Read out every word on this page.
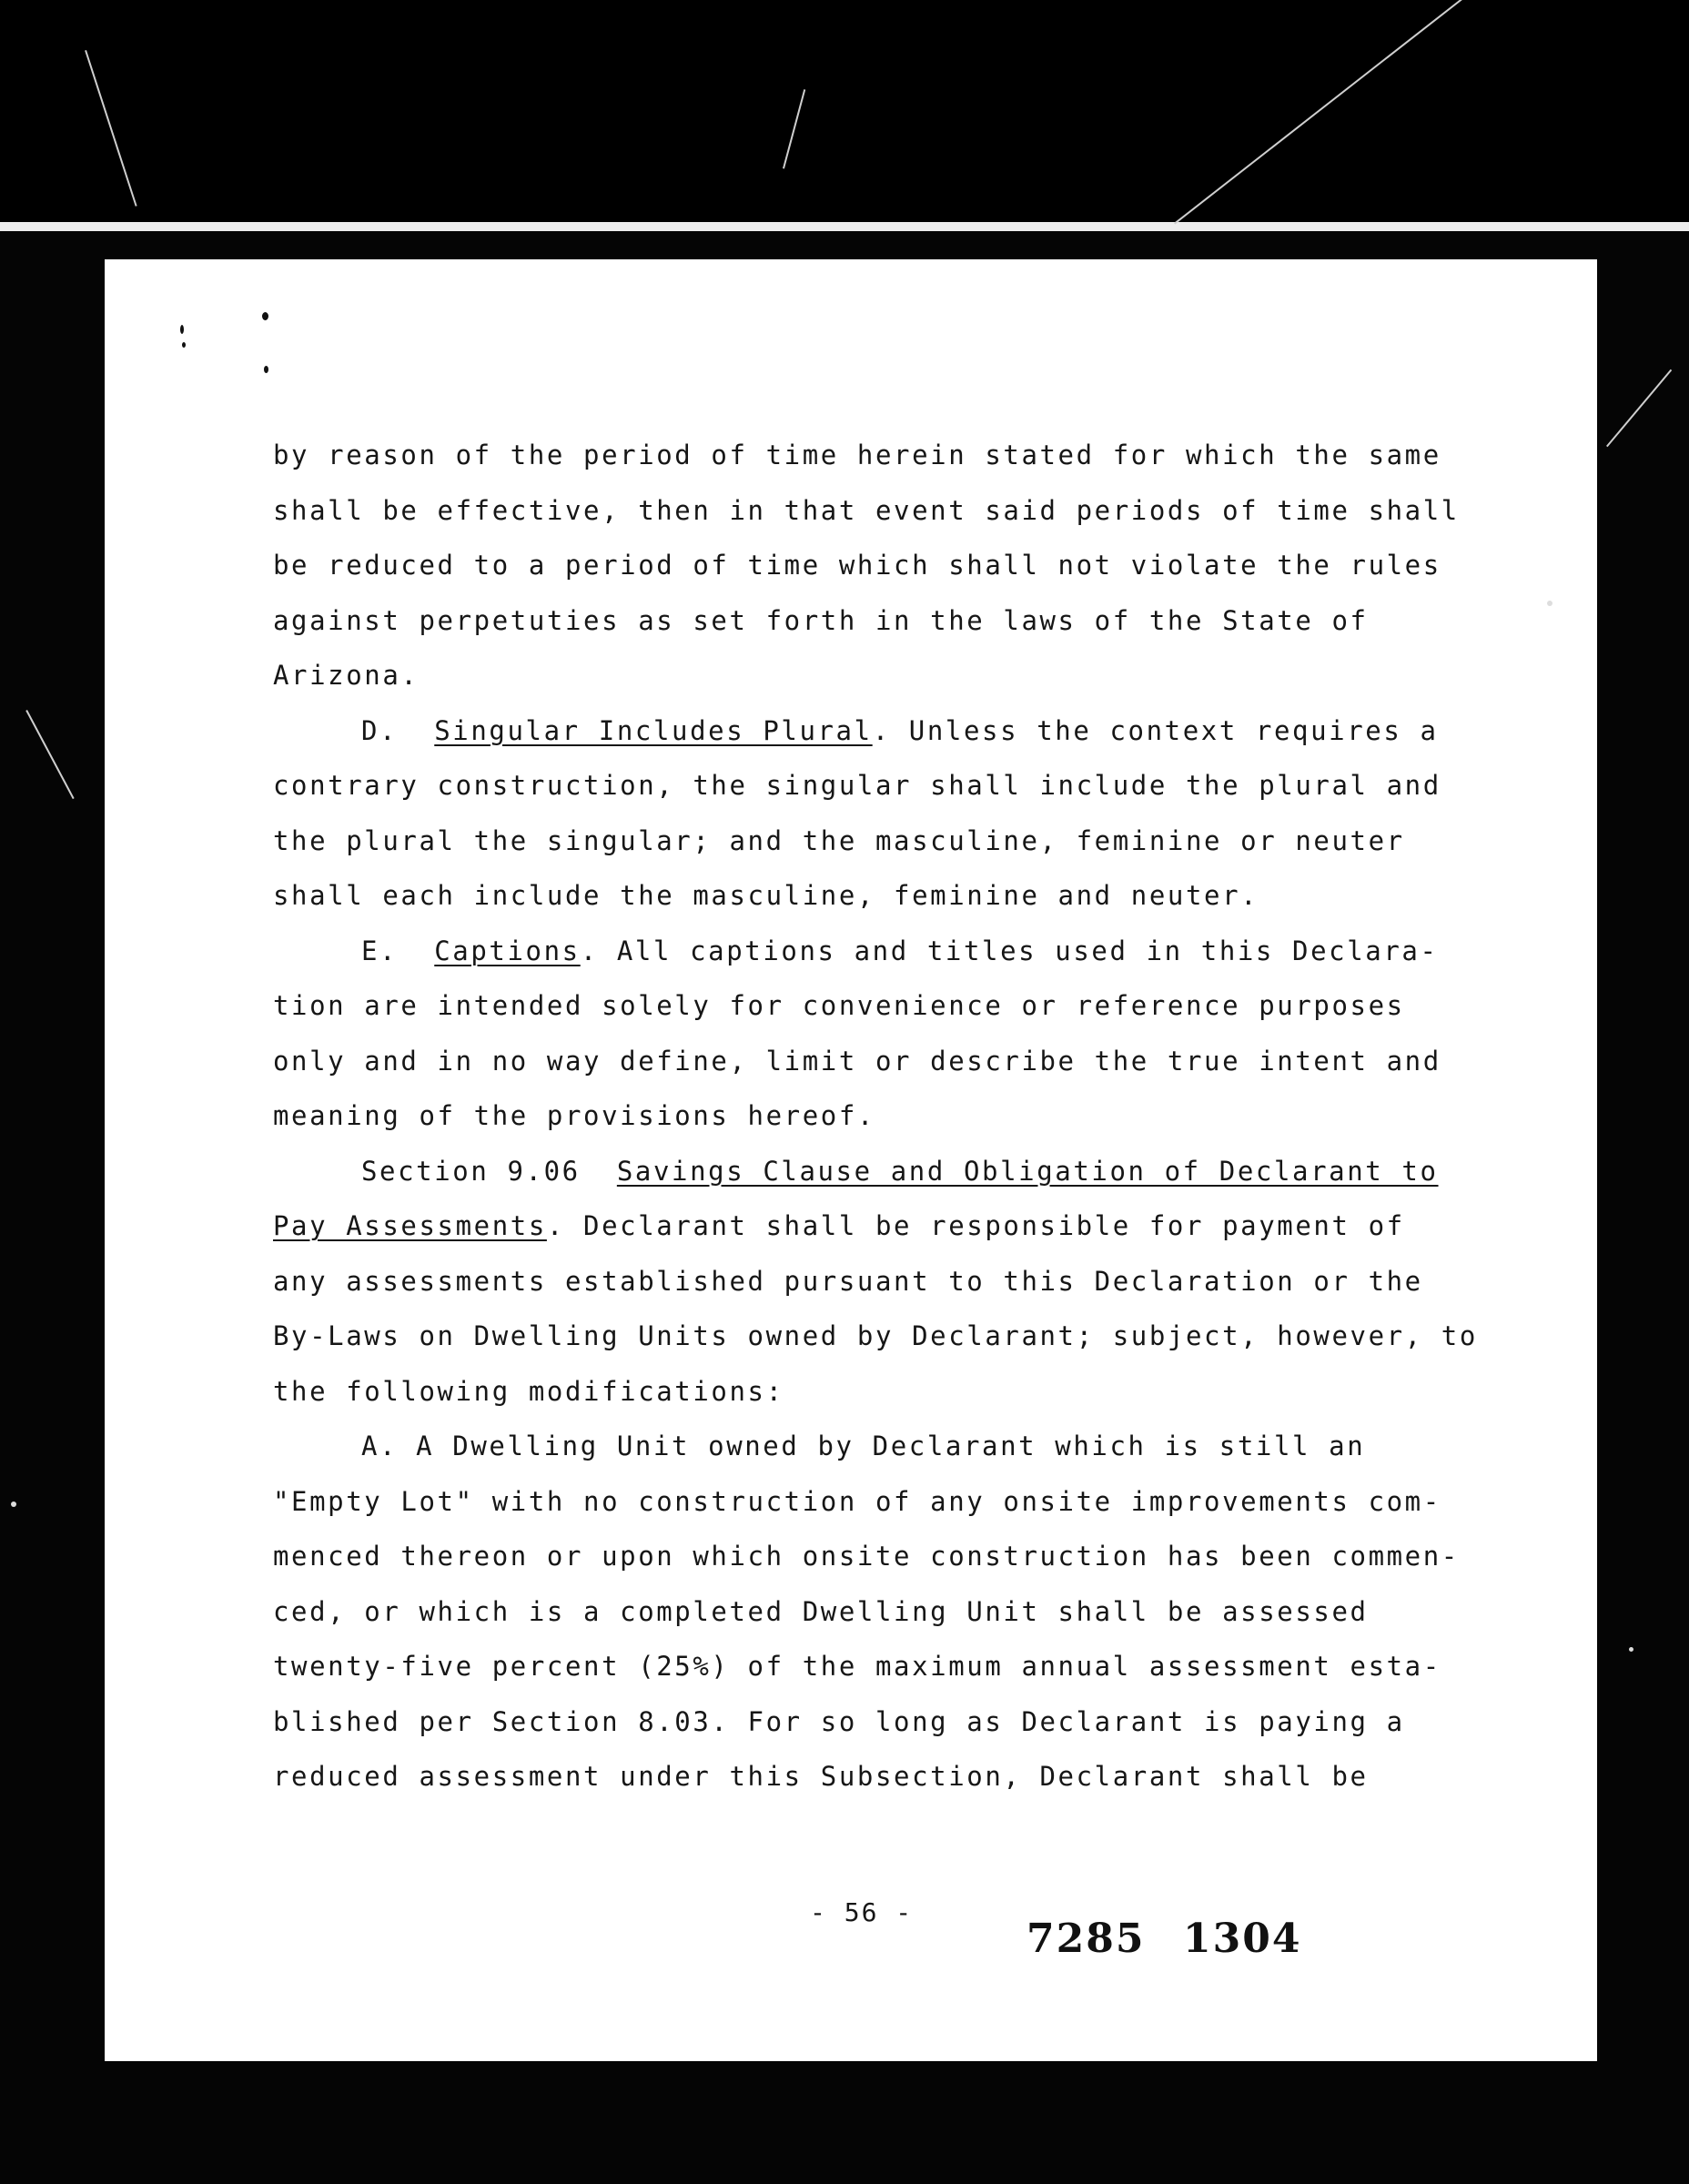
by reason of the period of time herein stated for which the same
shall be effective, then in that event said periods of time shall
be reduced to a period of time which shall not violate the rules
against perpetuties as set forth in the laws of the State of
Arizona.
D. Singular Includes Plural. Unless the context requires a
contrary construction, the singular shall include the plural and
the plural the singular; and the masculine, feminine or neuter
shall each include the masculine, feminine and neuter.
E. Captions. All captions and titles used in this Declara-
tion are intended solely for convenience or reference purposes
only and in no way define, limit or describe the true intent and
meaning of the provisions hereof.
Section 9.06 Savings Clause and Obligation of Declarant to
Pay Assessments. Declarant shall be responsible for payment of
any assessments established pursuant to this Declaration or the
By-Laws on Dwelling Units owned by Declarant; subject, however, to
the following modifications:
A. A Dwelling Unit owned by Declarant which is still an
"Empty Lot" with no construction of any onsite improvements com-
menced thereon or upon which onsite construction has been commen-
ced, or which is a completed Dwelling Unit shall be assessed
twenty-five percent (25%) of the maximum annual assessment esta-
blished per Section 8.03. For so long as Declarant is paying a
reduced assessment under this Subsection, Declarant shall be
- 56 -
7285 1304
